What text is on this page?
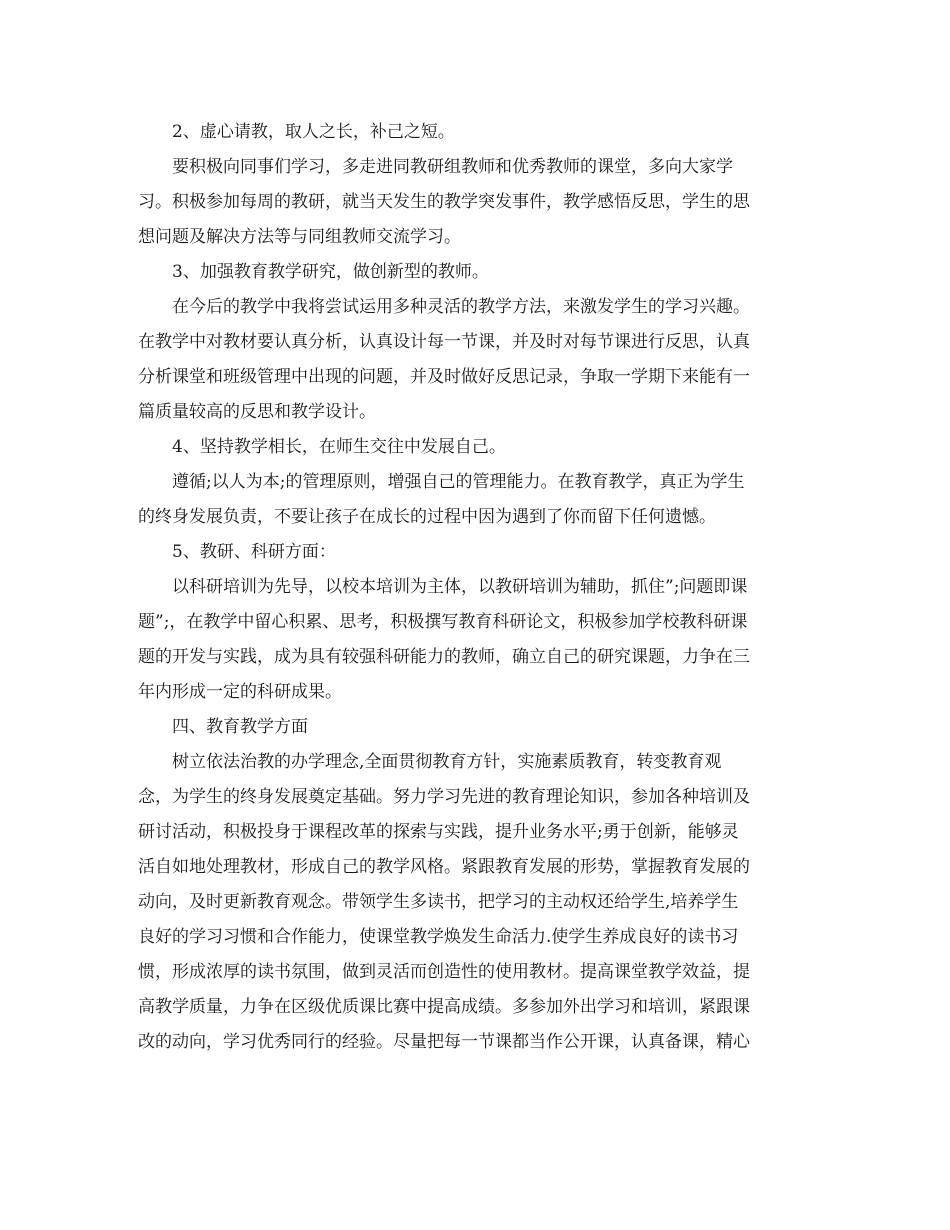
2、虚心请教，取人之长，补己之短。
要积极向同事们学习，多走进同教研组教师和优秀教师的课堂，多向大家学
习。积极参加每周的教研，就当天发生的教学突发事件，教学感悟反思，学生的思
想问题及解决方法等与同组教师交流学习。
3、加强教育教学研究，做创新型的教师。
在今后的教学中我将尝试运用多种灵活的教学方法，来激发学生的学习兴趣。
在教学中对教材要认真分析，认真设计每一节课，并及时对每节课进行反思，认真
分析课堂和班级管理中出现的问题，并及时做好反思记录，争取一学期下来能有一
篇质量较高的反思和教学设计。
4、坚持教学相长，在师生交往中发展自己。
遵循;以人为本;的管理原则，增强自己的管理能力。在教育教学，真正为学生
的终身发展负责，不要让孩子在成长的过程中因为遇到了你而留下任何遗憾。
5、教研、科研方面：
以科研培训为先导，以校本培训为主体，以教研培训为辅助，抓住”;问题即课
题”;，在教学中留心积累、思考，积极撰写教育科研论文，积极参加学校教科研课
题的开发与实践，成为具有较强科研能力的教师，确立自己的研究课题，力争在三
年内形成一定的科研成果。
四、教育教学方面
树立依法治教的办学理念,全面贯彻教育方针，实施素质教育，转变教育观
念，为学生的终身发展奠定基础。努力学习先进的教育理论知识，参加各种培训及
研讨活动，积极投身于课程改革的探索与实践，提升业务水平;勇于创新，能够灵
活自如地处理教材，形成自己的教学风格。紧跟教育发展的形势，掌握教育发展的
动向，及时更新教育观念。带领学生多读书，把学习的主动权还给学生,培养学生
良好的学习习惯和合作能力，使课堂教学焕发生命活力.使学生养成良好的读书习
惯，形成浓厚的读书氛围，做到灵活而创造性的使用教材。提高课堂教学效益，提
高教学质量，力争在区级优质课比赛中提高成绩。多参加外出学习和培训，紧跟课
改的动向，学习优秀同行的经验。尽量把每一节课都当作公开课，认真备课，精心
